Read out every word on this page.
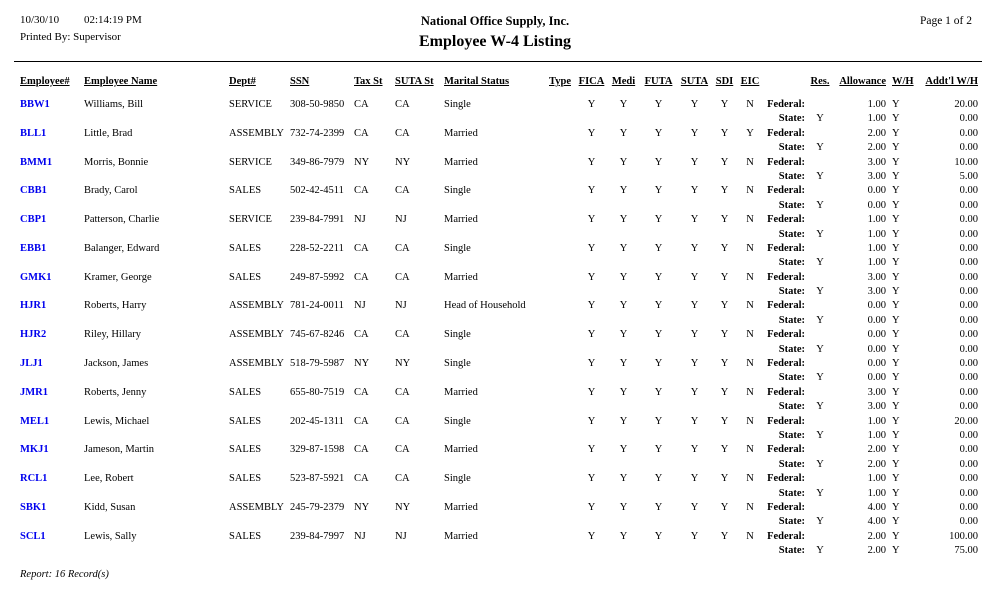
10/30/10 02:14:19 PM
Printed By: Supervisor
National Office Supply, Inc.
Employee W-4 Listing
Page 1 of 2
Employee#	Employee Name	Dept#	SSN	Tax St	SUTA St Marital Status	Type FICA Medi FUTA SUTA SDI EIC	Res. Allowance W/H	Addt'l W/H
BBW1	Williams, Bill	SERVICE	308-50-9850 CA	CA	Single	Y	Y	Y	Y	Y	N	Federal:	1.00 Y	20.00
State:	Y	1.00 Y	0.00
BLL1	Little, Brad	ASSEMBLY 732-74-2399 CA	CA	Married	Y	Y	Y	Y	Y	Y	Federal:	2.00 Y	0.00
State:	Y	2.00 Y	0.00
BMM1	Morris, Bonnie	SERVICE	349-86-7979 NY	NY	Married	Y	Y	Y	Y	Y	N	Federal:	3.00 Y	10.00
State:	Y	3.00 Y	5.00
CBB1	Brady, Carol	SALES	502-42-4511 CA	CA	Single	Y	Y	Y	Y	Y	N	Federal:	0.00 Y	0.00
State:	Y	0.00 Y	0.00
CBP1	Patterson, Charlie	SERVICE	239-84-7991 NJ	NJ	Married	Y	Y	Y	Y	Y	N	Federal:	1.00 Y	0.00
State:	Y	1.00 Y	0.00
EBB1	Balanger, Edward	SALES	228-52-2211 CA	CA	Single	Y	Y	Y	Y	Y	N	Federal:	1.00 Y	0.00
State:	Y	1.00 Y	0.00
GMK1	Kramer, George	SALES	249-87-5992 CA	CA	Married	Y	Y	Y	Y	Y	N	Federal:	3.00 Y	0.00
State:	Y	3.00 Y	0.00
HJR1	Roberts, Harry	ASSEMBLY 781-24-0011 NJ	NJ	Head of Household	Y	Y	Y	Y	Y	N	Federal:	0.00 Y	0.00
State:	Y	0.00 Y	0.00
HJR2	Riley, Hillary	ASSEMBLY 745-67-8246 CA	CA	Single	Y	Y	Y	Y	Y	N	Federal:	0.00 Y	0.00
State:	Y	0.00 Y	0.00
JLJ1	Jackson, James	ASSEMBLY 518-79-5987 NY	NY	Single	Y	Y	Y	Y	Y	N	Federal:	0.00 Y	0.00
State:	Y	0.00 Y	0.00
JMR1	Roberts, Jenny	SALES	655-80-7519 CA	CA	Married	Y	Y	Y	Y	Y	N	Federal:	3.00 Y	0.00
State:	Y	3.00 Y	0.00
MEL1	Lewis, Michael	SALES	202-45-1311 CA	CA	Single	Y	Y	Y	Y	Y	N	Federal:	1.00 Y	20.00
State:	Y	1.00 Y	0.00
MKJ1	Jameson, Martin	SALES	329-87-1598 CA	CA	Married	Y	Y	Y	Y	Y	N	Federal:	2.00 Y	0.00
State:	Y	2.00 Y	0.00
RCL1	Lee, Robert	SALES	523-87-5921 CA	CA	Single	Y	Y	Y	Y	Y	N	Federal:	1.00 Y	0.00
State:	Y	1.00 Y	0.00
SBK1	Kidd, Susan	ASSEMBLY 245-79-2379 NY	NY	Married	Y	Y	Y	Y	Y	N	Federal:	4.00 Y	0.00
State:	Y	4.00 Y	0.00
SCL1	Lewis, Sally	SALES	239-84-7997 NJ	NJ	Married	Y	Y	Y	Y	Y	N	Federal:	2.00 Y	100.00
State:	Y	2.00 Y	75.00
Report: 16 Record(s)
